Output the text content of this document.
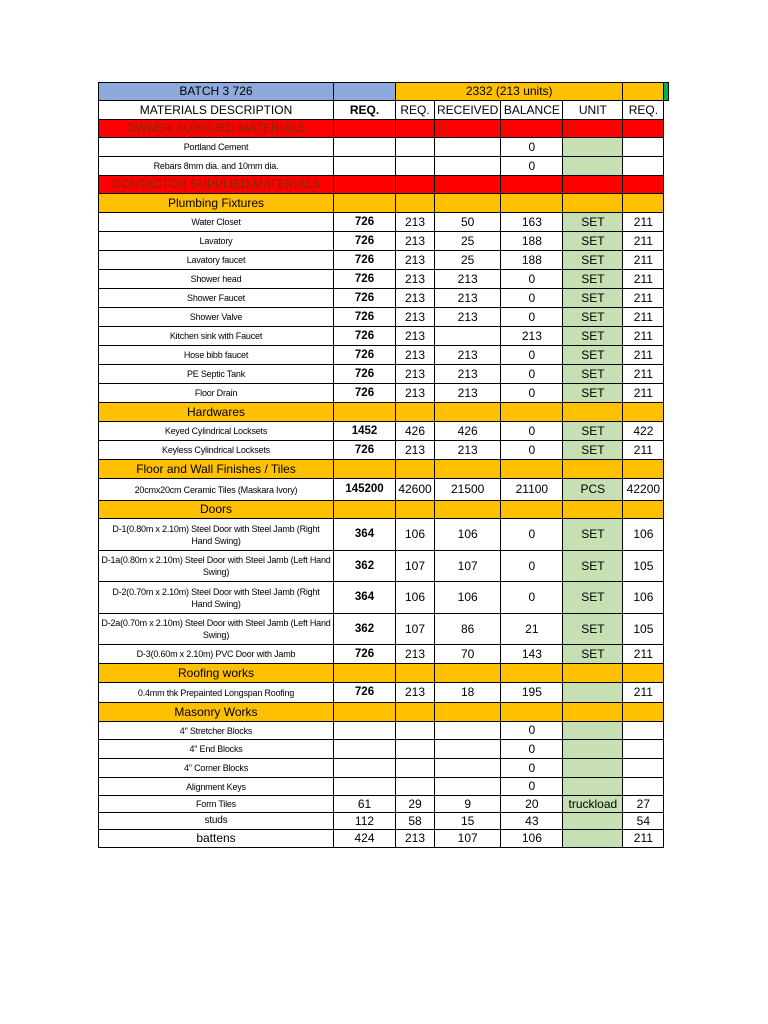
BATCH 3 726		2332 (213 units)					
MATERIALS DESCRIPTION	REQ.	REQ.	RECEIVED	BALANCE	UNIT	REQ.	
OWNER SUPPLIED MATERIALS							
Portland Cement				0			
Rebars 8mm dia. and 10mm dia.				0			
CONTACTOR SUPPLIED MATERIALS							
Plumbing Fixtures							
Water Closet	726	213	50	163	SET	211	
Lavatory	726	213	25	188	SET	211	
Lavatory faucet	726	213	25	188	SET	211	
Shower head	726	213	213	0	SET	211	
Shower Faucet	726	213	213	0	SET	211	
Shower Valve	726	213	213	0	SET	211	
Kitchen sink with Faucet	726	213		213	SET	211	
Hose bibb faucet	726	213	213	0	SET	211	
PE Septic Tank	726	213	213	0	SET	211	
Floor Drain	726	213	213	0	SET	211	
Hardwares							
Keyed Cylindrical Locksets	1452	426	426	0	SET	422	
Keyless Cylindrical Locksets	726	213	213	0	SET	211	
Floor and Wall Finishes / Tiles							
20cmx20cm Ceramic Tiles (Maskara Ivory)	145200	42600	21500	21100	PCS	42200	
Doors							
D-1(0.80m x 2.10m) Steel Door with Steel Jamb (Right Hand Swing)	364	106	106	0	SET	106	
D-1a(0.80m x 2.10m) Steel Door with Steel Jamb (Left Hand Swing)	362	107	107	0	SET	105	
D-2(0.70m x 2.10m) Steel Door with Steel Jamb (Right Hand Swing)	364	106	106	0	SET	106	
D-2a(0.70m x 2.10m) Steel Door with Steel Jamb (Left Hand Swing)	362	107	86	21	SET	105	
D-3(0.60m x 2.10m) PVC Door with Jamb	726	213	70	143	SET	211	
Roofing works							
0.4mm thk Prepainted Longspan Roofing	726	213	18	195		211	
Masonry Works							
4" Stretcher Blocks				0			
4" End Blocks				0			
4" Corner Blocks				0			
Alignment Keys				0			
Form Tiles	61	29	9	20	truckload	27	
studs	112	58	15	43		54	
battens	424	213	107	106		211	
